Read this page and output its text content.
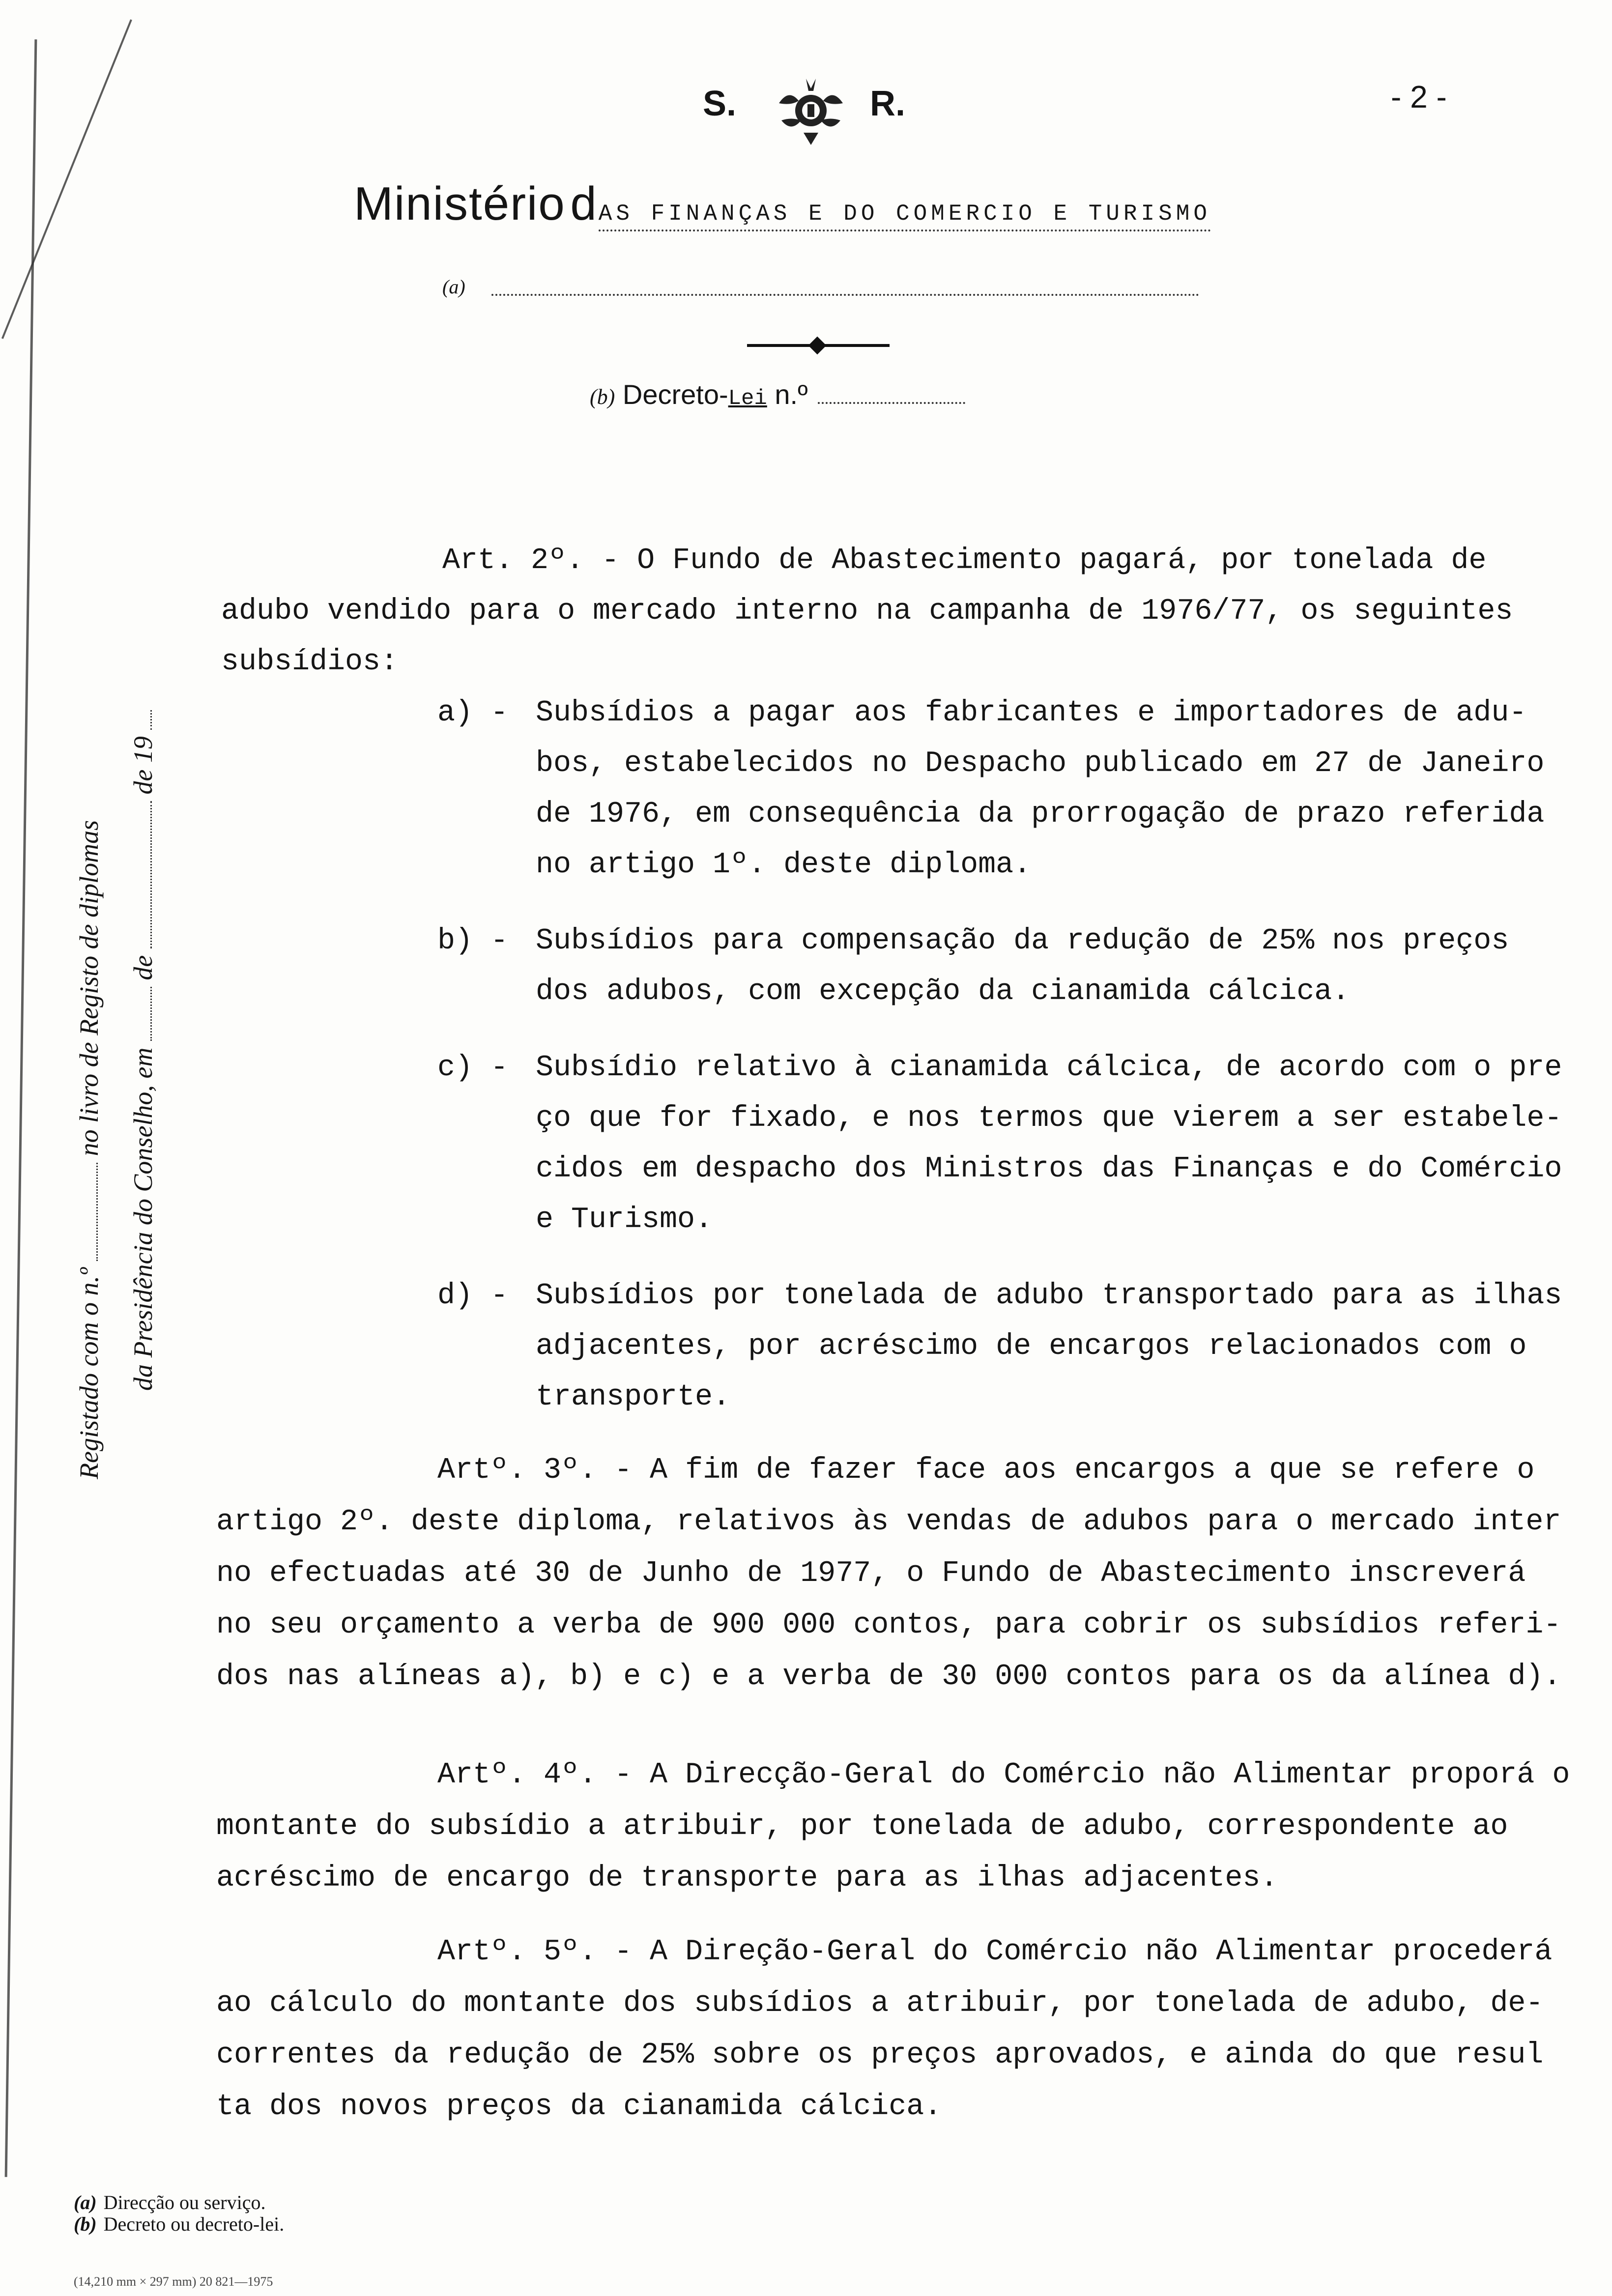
S.	R.	- 2 -
Ministério dAS FINANÇAS E DO COMERCIO E TURISMO
(a)
(b) Decreto-Lei n.º
Registado com o n.º  no livro de Registo de diplomas
da Presidência do Conselho, em  de  de 19
Art. 2º. - O Fundo de Abastecimento pagará, por tonelada de
adubo vendido para o mercado interno na campanha de 1976/77, os seguintes
subsídios:
a) - Subsídios a pagar aos fabricantes e importadores de adu-
bos, estabelecidos no Despacho publicado em 27 de Janeiro
de 1976, em consequência da prorrogação de prazo referida
no artigo 1º. deste diploma.
b) - Subsídios para compensação da redução de 25% nos preços
dos adubos, com excepção da cianamida cálcica.
c) - Subsídio relativo à cianamida cálcica, de acordo com o pre
ço que for fixado, e nos termos que vierem a ser estabele-
cidos em despacho dos Ministros das Finanças e do Comércio
e Turismo.
d) - Subsídios por tonelada de adubo transportado para as ilhas
adjacentes, por acréscimo de encargos relacionados com o
transporte.
Artº. 3º. - A fim de fazer face aos encargos a que se refere o
artigo 2º. deste diploma, relativos às vendas de adubos para o mercado inter
no efectuadas até 30 de Junho de 1977, o Fundo de Abastecimento inscreverá
no seu orçamento a verba de 900 000 contos, para cobrir os subsídios referi-
dos nas alíneas a), b) e c) e a verba de 30 000 contos para os da alínea d).
Artº. 4º. - A Direcção-Geral do Comércio não Alimentar proporá o
montante do subsídio a atribuir, por tonelada de adubo, correspondente ao
acréscimo de encargo de transporte para as ilhas adjacentes.
Artº. 5º. - A Direção-Geral do Comércio não Alimentar procederá
ao cálculo do montante dos subsídios a atribuir, por tonelada de adubo, de-
correntes da redução de 25% sobre os preços aprovados, e ainda do que resul
ta dos novos preços da cianamida cálcica.
(a) Direcção ou serviço.
(b) Decreto ou decreto-lei.
(14,210 mm × 297 mm) 20 821—1975
